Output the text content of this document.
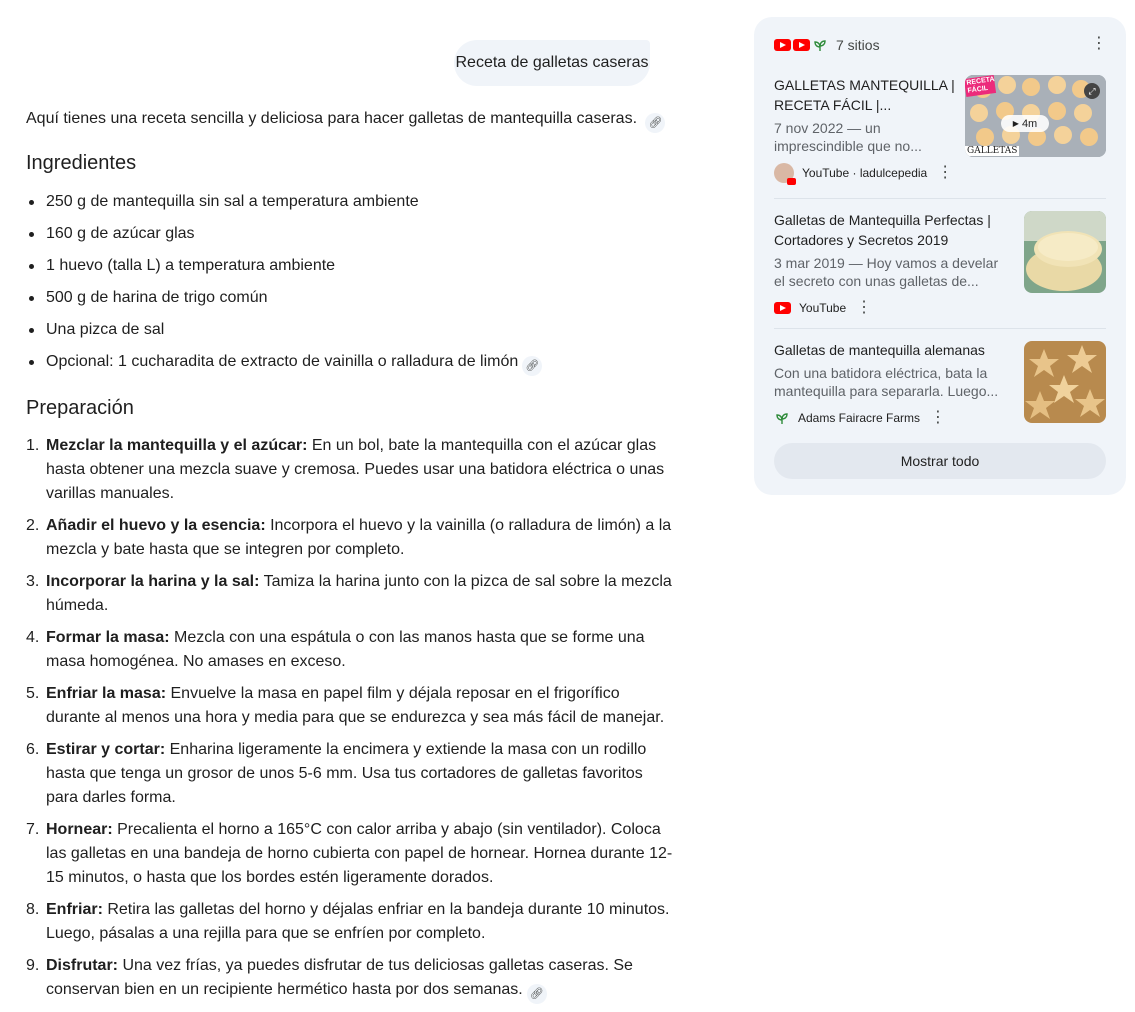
Receta de galletas caseras
Aquí tienes una receta sencilla y deliciosa para hacer galletas de mantequilla caseras. 🔗︎
Ingredientes
250 g de mantequilla sin sal a temperatura ambiente
160 g de azúcar glas
1 huevo (talla L) a temperatura ambiente
500 g de harina de trigo común
Una pizca de sal
Opcional: 1 cucharadita de extracto de vainilla o ralladura de limón 🔗︎
Preparación
1. Mezclar la mantequilla y el azúcar: En un bol, bate la mantequilla con el azúcar glas hasta obtener una mezcla suave y cremosa. Puedes usar una batidora eléctrica o unas varillas manuales.
2. Añadir el huevo y la esencia: Incorpora el huevo y la vainilla (o ralladura de limón) a la mezcla y bate hasta que se integren por completo.
3. Incorporar la harina y la sal: Tamiza la harina junto con la pizca de sal sobre la mezcla húmeda.
4. Formar la masa: Mezcla con una espátula o con las manos hasta que se forme una masa homogénea. No amases en exceso.
5. Enfriar la masa: Envuelve la masa en papel film y déjala reposar en el frigorífico durante al menos una hora y media para que se endurezca y sea más fácil de manejar.
6. Estirar y cortar: Enharina ligeramente la encimera y extiende la masa con un rodillo hasta que tenga un grosor de unos 5-6 mm. Usa tus cortadores de galletas favoritos para darles forma.
7. Hornear: Precalienta el horno a 165°C con calor arriba y abajo (sin ventilador). Coloca las galletas en una bandeja de horno cubierta con papel de hornear. Hornea durante 12-15 minutos, o hasta que los bordes estén ligeramente dorados.
8. Enfriar: Retira las galletas del horno y déjalas enfriar en la bandeja durante 10 minutos. Luego, pásalas a una rejilla para que se enfríen por completo.
9. Disfrutar: Una vez frías, ya puedes disfrutar de tus deliciosas galletas caseras. Se conservan bien en un recipiente hermético hasta por dos semanas. 🔗︎
7 sitios	⋮
GALLETAS MANTEQUILLA | RECETA FÁCIL |...
7 nov 2022 — un imprescindible que no...
YouTube · ladulcepedia ⋮
RECETA FÁCIL	⤢
▶ 4m
GALLETAS
Galletas de Mantequilla Perfectas | Cortadores y Secretos 2019
3 mar 2019 — Hoy vamos a develar el secreto con unas galletas de...
YouTube ⋮
Galletas de mantequilla alemanas
Con una batidora eléctrica, bata la mantequilla para separarla. Luego...
Adams Fairacre Farms ⋮
Mostrar todo
